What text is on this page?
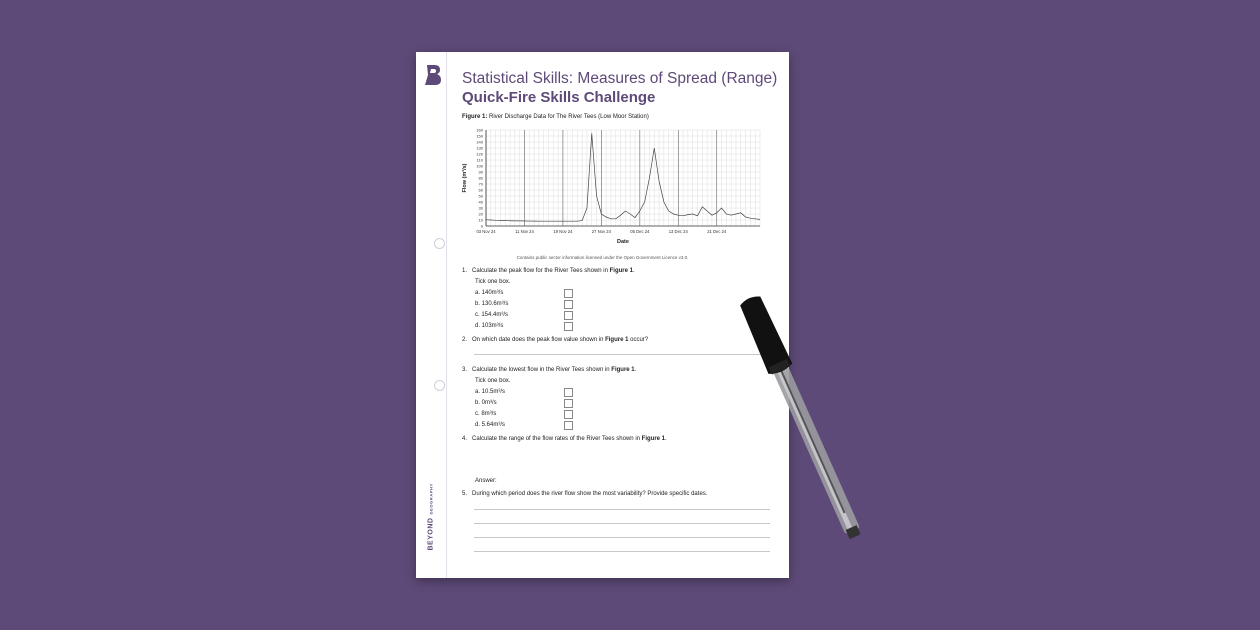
BEYOND
GEOGRAPHY
Statistical Skills: Measures of Spread (Range)
Quick-Fire Skills Challenge
Figure 1: River Discharge Data for The River Tees (Low Moor Station)
0
10
20
30
40
50
60
70
80
90
100
110
120
130
140
150
160
03 Nov 24	11 Nov 24	19 Nov 24	27 Nov 24	05 Dec 24	13 Dec 24	21 Dec 24
Date
Flow (m³/s)
Contains public sector information licensed under the Open Government Licence v3.0.
1. Calculate the peak flow for the River Tees shown in Figure 1.
Tick one box.
a. 140m³/s
b. 130.6m³/s
c. 154.4m³/s
d. 103m³/s
2. On which date does the peak flow value shown in Figure 1 occur?
3. Calculate the lowest flow in the River Tees shown in Figure 1.
Tick one box.
a. 10.5m³/s
b. 0m³/s
c. 8m³/s
d. 5.64m³/s
4. Calculate the range of the flow rates of the River Tees shown in Figure 1.
Answer:
5. During which period does the river flow show the most variability? Provide specific dates.
